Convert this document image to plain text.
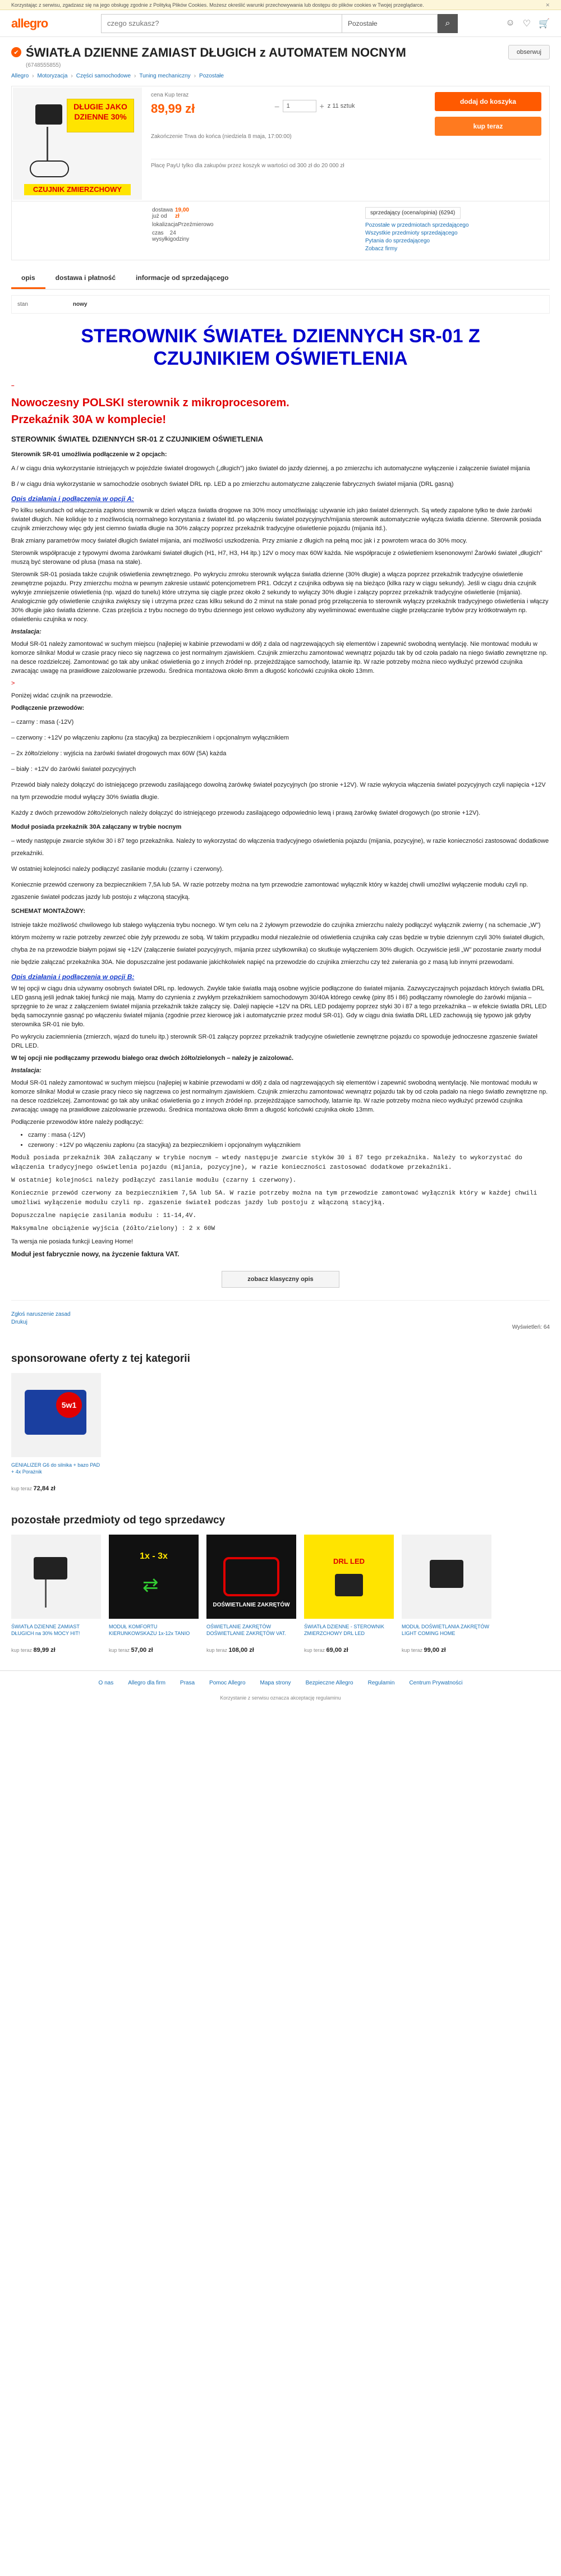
Korzystając z serwisu, zgadzasz się na jego obsługę zgodnie z Polityką Plików Cookies. Możesz określić warunki przechowywania lub dostępu do plików cookies w Twojej przeglądarce.	✕
allegro
czego szukasz?	Pozostałe	⌕	☺ ♡ 🛒
✔ ŚWIATŁA DZIENNE ZAMIAST DŁUGICH z AUTOMATEM NOCNYM	obserwuj
(6748555855)
Allegro › Motoryzacja › Części samochodowe › Tuning mechaniczny › Pozostałe
DŁUGIE JAKO DZIENNE 30%
CZUJNIK ZMIERZCHOWY
cena Kup teraz
89,99 zł	–	1	+ z 11 sztuk
dodaj do koszyka
kup teraz
Zakończenie Trwa do końca (niedziela 8 maja, 17:00:00)
Płacę PayU tylko dla zakupów przez koszyk w wartości od 300 zł do 20 000 zł
dostawa już od
19,00 zł
lokalizacja Przeźmierowo
czas wysyłki
24 godziny
sprzedający (ocena/opinia) (6294)
Pozostałe w przedmiotach sprzedającego
Wszystkie przedmioty sprzedającego
Pytania do sprzedającego
Zobacz firmy
opis	dostawa i płatność	informacje od sprzedającego
stan	nowy
STEROWNIK ŚWIATEŁ DZIENNYCH SR-01 Z CZUJNIKIEM OŚWIETLENIA
–
Nowoczesny POLSKI sterownik z mikroprocesorem.
Przekaźnik 30A w komplecie!
STEROWNIK ŚWIATEŁ DZIENNYCH SR-01 Z CZUJNIKIEM OŚWIETLENIA

Sterownik SR-01 umożliwia podłączenie w 2 opcjach:

A / w ciągu dnia wykorzystanie istniejących w pojeździe świateł drogowych („długich") jako świateł do jazdy dziennej, a po zmierzchu ich automatyczne wyłączenie i załączenie świateł mijania

B / w ciągu dnia wykorzystanie w samochodzie osobnych świateł DRL np. LED a po zmierzchu automatyczne załączenie fabrycznych świateł mijania (DRL gasną)

Opis działania i podłączenia w opcji A:

Po kilku sekundach od włączenia zapłonu sterownik w dzień włącza światła drogowe na 30% mocy umożliwiając używanie ich jako świateł dziennych. Są wtedy zapalone tylko te dwie żarówki świateł długich. Nie koliduje to z możliwością normalnego korzystania z świateł itd. po włączeniu świateł pozycyjnych/mijania sterownik automatycznie wyłącza światła dzienne. Sterownik posiada czujnik zmierzchowy więc gdy jest ciemno światła długie na 30% załączy poprzez przekaźnik tradycyjne oświetlenie pojazdu (mijania itd.).

Brak zmiany parametrów mocy świateł długich świateł mijania, ani możliwości uszkodzenia. Przy zmianie z długich na pełną moc jak i z powrotem wraca do 30% mocy.

Sterownik współpracuje z typowymi dwoma żarówkami świateł długich (H1, H7, H3, H4 itp.) 12V o mocy max 60W każda. Nie współpracuje z oświetleniem ksenonowym! Żarówki świateł „długich" muszą być sterowane od plusa (masa na stałe).

Sterownik SR-01 posiada także czujnik oświetlenia zewnętrznego. Po wykryciu zmroku sterownik wyłącza światła dzienne (30% długie) a włącza poprzez przekaźnik tradycyjne oświetlenie zewnętrzne pojazdu. Przy zmierzchu można w pewnym zakresie ustawić potencjometrem PR1. Odczyt z czujnika odbywa się na bieżąco (kilka razy w ciągu sekundy). Jeśli w ciągu dnia czujnik wykryje zmniejszenie oświetlenia (np. wjazd do tunelu) które utrzyma się ciągle przez około 2 sekundy to wyłączy 30% długie i załączy poprzez przekaźnik tradycyjne oświetlenie (mijania). Analogicznie gdy oświetlenie czujnika zwiększy się i utrzyma przez czas kilku sekund do 2 minut na stałe ponad próg przełączenia to sterownik wyłączy przekaźnik tradycyjnego oświetlenia i włączy 30% długie jako światła dzienne. Czas przejścia z trybu nocnego do trybu dziennego jest celowo wydłużony aby wyeliminować ewentualne ciągłe przełączanie trybów przy krótkotrwałym np. oświetleniu czujnika w nocy.

Instalacja:

Moduł SR-01 należy zamontować w suchym miejscu (najlepiej w kabinie przewodami w dół) z dala od nagrzewających się elementów i zapewnić swobodną wentylację. Nie montować modułu w komorze silnika! Moduł w czasie pracy nieco się nagrzewa co jest normalnym zjawiskiem. Czujnik zmierzchu zamontować wewnątrz pojazdu tak by od czoła padało na niego światło zewnętrzne np. na desce rozdzielczej. Zamontować go tak aby unikać oświetlenia go z innych źródeł np. przejeżdżające samochody, latarnie itp. W razie potrzeby można nieco wydłużyć przewód czujnika zwracając uwagę na prawidłowe zaizolowanie przewodu. Średnica montażowa około 8mm a długość końcówki czujnika około 13mm.

>

Poniżej widać czujnik na przewodzie.

Podłączenie przewodów:

– czarny : masa (-12V)

– czerwony : +12V po włączeniu zapłonu (za stacyjką) za bezpiecznikiem i opcjonalnym wyłącznikiem

– 2x żółto/zielony : wyjścia na żarówki świateł drogowych max 60W (5A) każda

– biały : +12V do żarówki świateł pozycyjnych

Przewód biały należy dołączyć do istniejącego przewodu zasilającego dowolną żarówkę świateł pozycyjnych (po stronie +12V). W razie wykrycia włączenia świateł pozycyjnych czyli napięcia +12V na tym przewodzie moduł wyłączy 30% światła długie.

Każdy z dwóch przewodów żółto/zielonych należy dołączyć do istniejącego przewodu zasilającego odpowiednio lewą i prawą żarówkę świateł drogowych (po stronie +12V).

Moduł posiada przekaźnik 30A załączany w trybie nocnym

– wtedy następuje zwarcie styków 30 i 87 tego przekaźnika. Należy to wykorzystać do włączenia tradycyjnego oświetlenia pojazdu (mijania, pozycyjne), w razie konieczności zastosować dodatkowe przekaźniki.

W ostatniej kolejności należy podłączyć zasilanie modułu (czarny i czerwony).

Koniecznie przewód czerwony za bezpiecznikiem 7,5A lub 5A. W razie potrzeby można na tym przewodzie zamontować wyłącznik który w każdej chwili umożliwi wyłączenie modułu czyli np. zgaszenie świateł podczas jazdy lub postoju z włączoną stacyjką.

SCHEMAT MONTAŻOWY:

Istnieje także możliwość chwilowego lub stałego wyłączenia trybu nocnego. W tym celu na 2 żyłowym przewodzie do czujnika zmierzchu należy podłączyć wyłącznik zwierny ( na schemacie „W") którym możemy w razie potrzeby zewrzeć obie żyły przewodu ze sobą. W takim przypadku moduł niezależnie od oświetlenia czujnika cały czas będzie w trybie dziennym czyli 30% świateł długich, chyba że na przewodzie białym pojawi się +12V (załączenie świateł pozycyjnych, mijania przez użytkownika) co skutkuje wyłączeniem 30% długich. Oczywiście jeśli „W" pozostanie zwarty moduł nie będzie załączać przekaźnika 30A. Nie dopuszczalne jest podawanie jakichkolwiek napięć na przewodzie do czujnika zmierzchu czy też zwierania go z masą lub innymi przewodami.

Opis działania i podłączenia w opcji B:

W tej opcji w ciągu dnia używamy osobnych świateł DRL np. ledowych. Zwykle takie światła mają osobne wyjście podłączone do świateł mijania. Zazwyczyczajnych pojazdach których światła DRL LED gasną jeśli jednak takiej funkcji nie mają. Mamy do czynienia z zwykłym przekaźnikiem samochodowym 30/40A którego cewkę (piny 85 i 86) podłączamy równolegle do żarówki mijania – sprzęgnie to że wraz z załączeniem świateł mijania przekaźnik także załączy się. Daleji napięcie +12V na DRL LED podajemy poprzez styki 30 i 87 a tego przekaźnika – w efekcie światła DRL LED będą samoczynnie gasnąć po włączeniu świateł mijania (zgodnie przez kierowcę jak i automatycznie przez moduł SR-01). Gdy w ciągu dnia światła DRL LED zachowują się typowo jak gdyby sterownika SR-01 nie było.

Po wykryciu zaciemnienia (zmierzch, wjazd do tunelu itp.) sterownik SR-01 załączy poprzez przekaźnik tradycyjne oświetlenie zewnętrzne pojazdu co spowoduje jednoczesne zgaszenie świateł DRL LED.

W tej opcji nie podłączamy przewodu białego oraz dwóch żółto/zielonych – należy je zaizolować.

Instalacja:

Moduł SR-01 należy zamontować w suchym miejscu (najlepiej w kabinie przewodami w dół) z dala od nagrzewających się elementów i zapewnić swobodną wentylację. Nie montować modułu w komorze silnika! Moduł w czasie pracy nieco się nagrzewa co jest normalnym zjawiskiem. Czujnik zmierzchu zamontować wewnątrz pojazdu tak by od czoła padało na niego światło zewnętrzne np. na desce rozdzielczej. Zamontować go tak aby unikać oświetlenia go z innych źródeł np. przejeżdżające samochody, latarnie itp. W razie potrzeby można nieco wydłużyć przewód czujnika zwracając uwagę na prawidłowe zaizolowanie przewodu. Średnica montażowa około 8mm a długość końcówki czujnika około 13mm.

Podłączenie przewodów które należy podłączyć:

• czarny : masa (-12V)
• czerwony : +12V po włączeniu zapłonu (za stacyjką) za bezpiecznikiem i opcjonalnym wyłącznikiem

Moduł posiada przekaźnik 30A załączany w trybie nocnym – wtedy następuje zwarcie styków 30 i 87 tego przekaźnika. Należy to wykorzystać do włączenia tradycyjnego oświetlenia pojazdu (mijania, pozycyjne), w razie konieczności zastosować dodatkowe przekaźniki.

W ostatniej kolejności należy podłączyć zasilanie modułu (czarny i czerwony).

Koniecznie przewód czerwony za bezpiecznikiem 7,5A lub 5A. W razie potrzeby można na tym przewodzie zamontować wyłącznik który w każdej chwili umożliwi wyłączenie modułu czyli np. zgaszenie świateł podczas jazdy lub postoju z włączoną stacyjką.

Dopuszczalne napięcie zasilania modułu : 11-14,4V.

Maksymalne obciążenie wyjścia (żółto/zielony) : 2 x 60W

Ta wersja nie posiada funkcji Leaving Home!

Moduł jest fabrycznie nowy, na życzenie faktura VAT.

zobacz klasyczny opis
Zgłoś naruszenie zasad
Drukuj
Wyświetleń: 64
sponsorowane oferty z tej kategorii
5w1
GENIALIZER G6 do silnika + bazo PAD + 4x Porażnik
kup teraz 72,84 zł
pozostałe przedmioty od tego sprzedawcy
ŚWIATŁA DZIENNE ZAMIAST DŁUGICH na 30% MOCY HIT!
kup teraz 89,99 zł
1x - 3x
⇄
MODUŁ KOMFORTU KIERUNKOWSKAZU 1x-12x TANIO
kup teraz 57,00 zł
DOŚWIETLANIE ZAKRĘTÓW
OŚWIETLANIE ZAKRĘTÓW DOŚWIETLANIE ZAKRĘTÓW VAT.
kup teraz 108,00 zł
DRL LED
ŚWIATŁA DZIENNE - STEROWNIK ZMIERZCHOWY DRL LED
kup teraz 69,00 zł
MODUŁ DOŚWIETLANIA ZAKRĘTÓW LIGHT COMING HOME
kup teraz 99,00 zł
O nas	Allegro dla firm	Prasa	Pomoc Allegro	Mapa strony	Bezpieczne Allegro	Regulamin	Centrum Prywatności
Korzystanie z serwisu oznacza akceptację regulaminu
